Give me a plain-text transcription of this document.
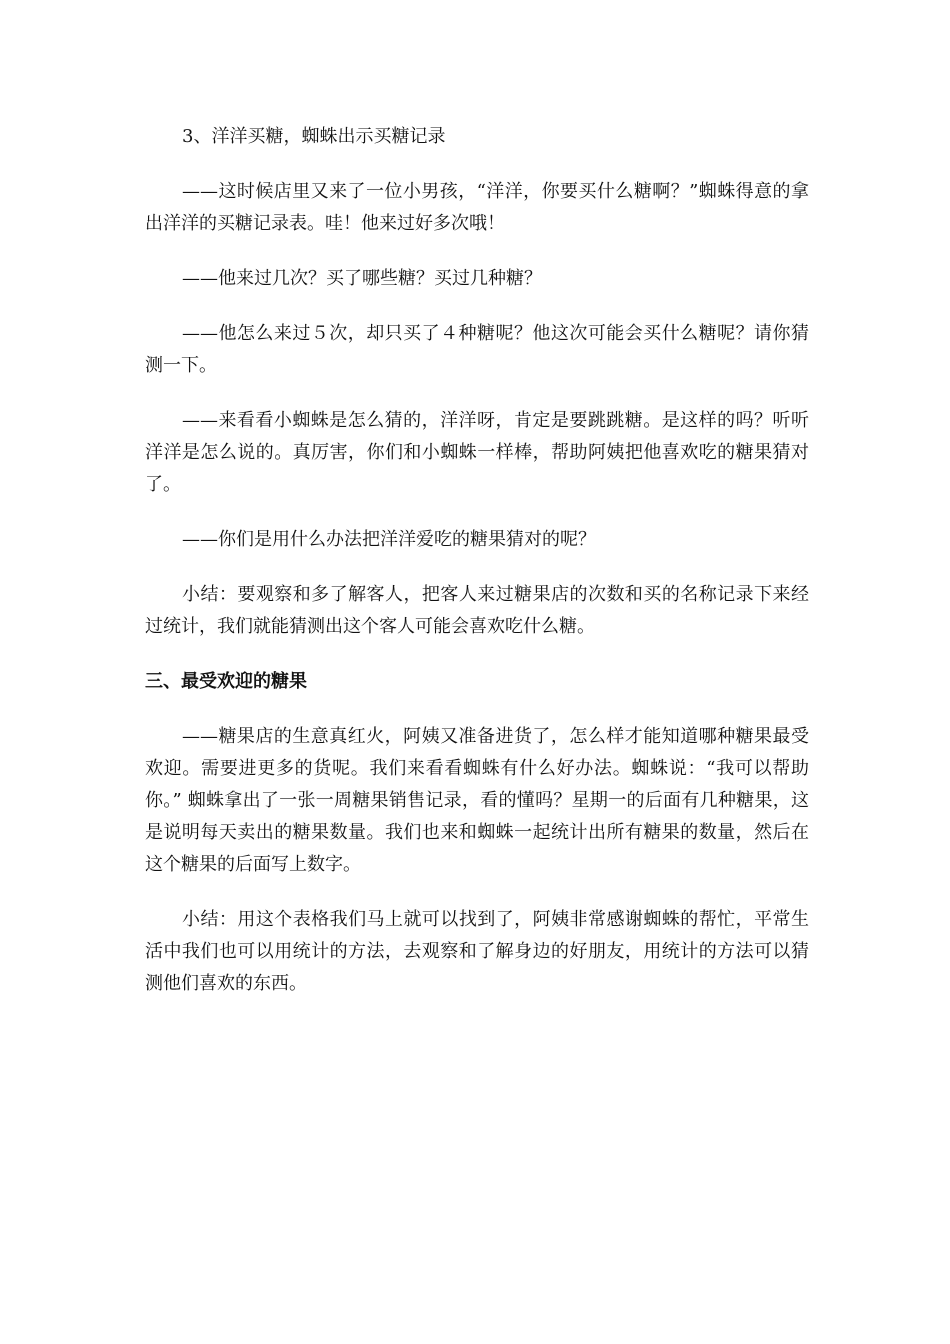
3、洋洋买糖，蜘蛛出示买糖记录

——这时候店里又来了一位小男孩，“洋洋，你要买什么糖啊？”蜘蛛得意的拿出洋洋的买糖记录表。哇！他来过好多次哦！

——他来过几次？买了哪些糖？买过几种糖？

——他怎么来过５次，却只买了４种糖呢？他这次可能会买什么糖呢？请你猜测一下。

——来看看小蜘蛛是怎么猜的，洋洋呀，肯定是要跳跳糖。是这样的吗？听听洋洋是怎么说的。真厉害，你们和小蜘蛛一样棒，帮助阿姨把他喜欢吃的糖果猜对了。

——你们是用什么办法把洋洋爱吃的糖果猜对的呢？

小结：要观察和多了解客人，把客人来过糖果店的次数和买的名称记录下来经过统计，我们就能猜测出这个客人可能会喜欢吃什么糖。

三、最受欢迎的糖果

——糖果店的生意真红火，阿姨又准备进货了，怎么样才能知道哪种糖果最受欢迎。需要进更多的货呢。我们来看看蜘蛛有什么好办法。蜘蛛说：“我可以帮助你。” 蜘蛛拿出了一张一周糖果销售记录，看的懂吗？星期一的后面有几种糖果，这是说明每天卖出的糖果数量。我们也来和蜘蛛一起统计出所有糖果的数量，然后在这个糖果的后面写上数字。

小结：用这个表格我们马上就可以找到了，阿姨非常感谢蜘蛛的帮忙，平常生活中我们也可以用统计的方法，去观察和了解身边的好朋友，用统计的方法可以猜测他们喜欢的东西。
